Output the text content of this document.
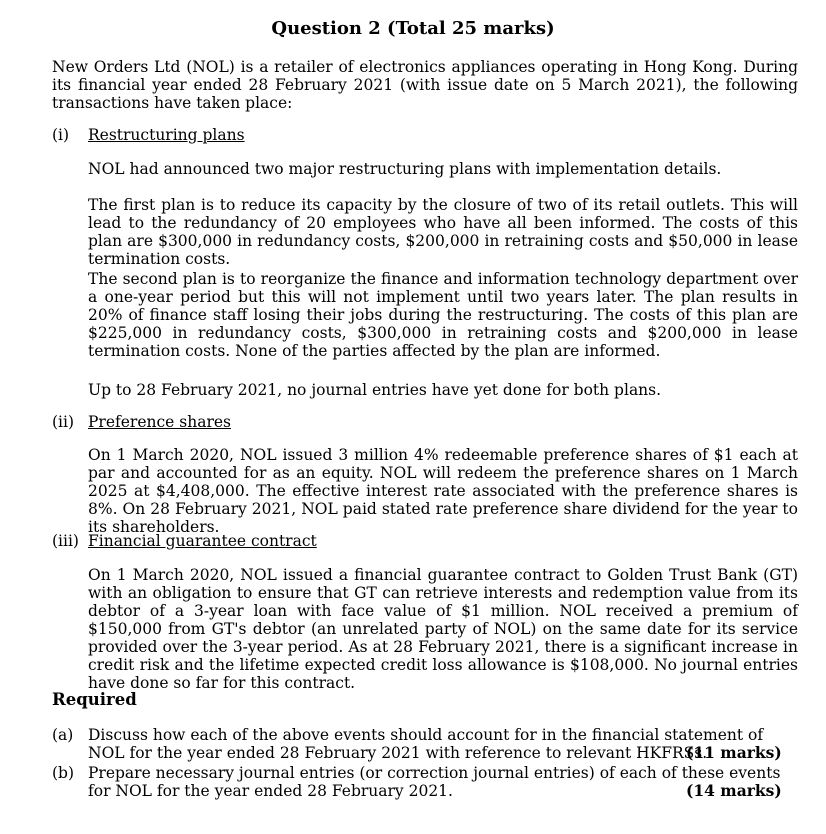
Question 2 (Total 25 marks)
New Orders Ltd (NOL) is a retailer of electronics appliances operating in Hong Kong. During its financial year ended 28 February 2021 (with issue date on 5 March 2021), the following transactions have taken place:
(i) Restructuring plans
NOL had announced two major restructuring plans with implementation details.
The first plan is to reduce its capacity by the closure of two of its retail outlets. This will lead to the redundancy of 20 employees who have all been informed. The costs of this plan are $300,000 in redundancy costs, $200,000 in retraining costs and $50,000 in lease termination costs.
The second plan is to reorganize the finance and information technology department over a one-year period but this will not implement until two years later. The plan results in 20% of finance staff losing their jobs during the restructuring. The costs of this plan are $225,000 in redundancy costs, $300,000 in retraining costs and $200,000 in lease termination costs. None of the parties affected by the plan are informed.
Up to 28 February 2021, no journal entries have yet done for both plans.
(ii) Preference shares
On 1 March 2020, NOL issued 3 million 4% redeemable preference shares of $1 each at par and accounted for as an equity. NOL will redeem the preference shares on 1 March 2025 at $4,408,000. The effective interest rate associated with the preference shares is 8%. On 28 February 2021, NOL paid stated rate preference share dividend for the year to its shareholders.
(iii) Financial guarantee contract
On 1 March 2020, NOL issued a financial guarantee contract to Golden Trust Bank (GT) with an obligation to ensure that GT can retrieve interests and redemption value from its debtor of a 3-year loan with face value of $1 million. NOL received a premium of $150,000 from GT's debtor (an unrelated party of NOL) on the same date for its service provided over the 3-year period. As at 28 February 2021, there is a significant increase in credit risk and the lifetime expected credit loss allowance is $108,000. No journal entries have done so far for this contract.
Required
(a) Discuss how each of the above events should account for in the financial statement of NOL for the year ended 28 February 2021 with reference to relevant HKFRSs.
(11 marks)
(b) Prepare necessary journal entries (or correction journal entries) of each of these events for NOL for the year ended 28 February 2021.	(14 marks)
